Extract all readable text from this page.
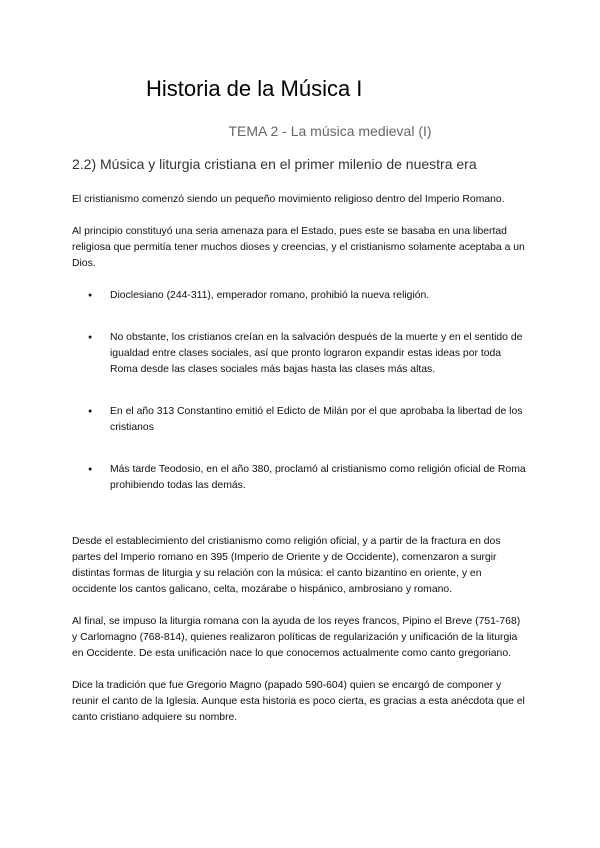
Historia de la Música I
TEMA 2 - La música medieval (I)
2.2) Música y liturgia cristiana en el primer milenio de nuestra era

El cristianismo comenzó siendo un pequeño movimiento religioso dentro del Imperio Romano.

Al principio constituyó una seria amenaza para el Estado, pues este se basaba en una libertad religiosa que permitía tener muchos dioses y creencias, y el cristianismo solamente aceptaba a un Dios.

● Dioclesiano (244-311), emperador romano, prohibió la nueva religión.
● No obstante, los cristianos creían en la salvación después de la muerte y en el sentido de igualdad entre clases sociales, así que pronto lograron expandir estas ideas por toda Roma desde las clases sociales más bajas hasta las clases más altas.
● En el año 313 Constantino emitió el Edicto de Milán por el que aprobaba la libertad de los cristianos
● Más tarde Teodosio, en el año 380, proclamó al cristianismo como religión oficial de Roma prohibiendo todas las demás.

Desde el establecimiento del cristianismo como religión oficial, y a partir de la fractura en dos partes del Imperio romano en 395 (Imperio de Oriente y de Occidente), comenzaron a surgir distintas formas de liturgia y su relación con la música: el canto bizantino en oriente, y en occidente los cantos galicano, celta, mozárabe o hispánico, ambrosiano y romano.

Al final, se impuso la liturgia romana con la ayuda de los reyes francos, Pipino el Breve (751-768) y Carlomagno (768-814), quienes realizaron políticas de regularización y unificación de la liturgia en Occidente. De esta unificación nace lo que conocemos actualmente como canto gregoriano.

Dice la tradición que fue Gregorio Magno (papado 590-604) quien se encargó de componer y reunir el canto de la Iglesia. Aunque esta historia es poco cierta, es gracias a esta anécdota que el canto cristiano adquiere su nombre.
